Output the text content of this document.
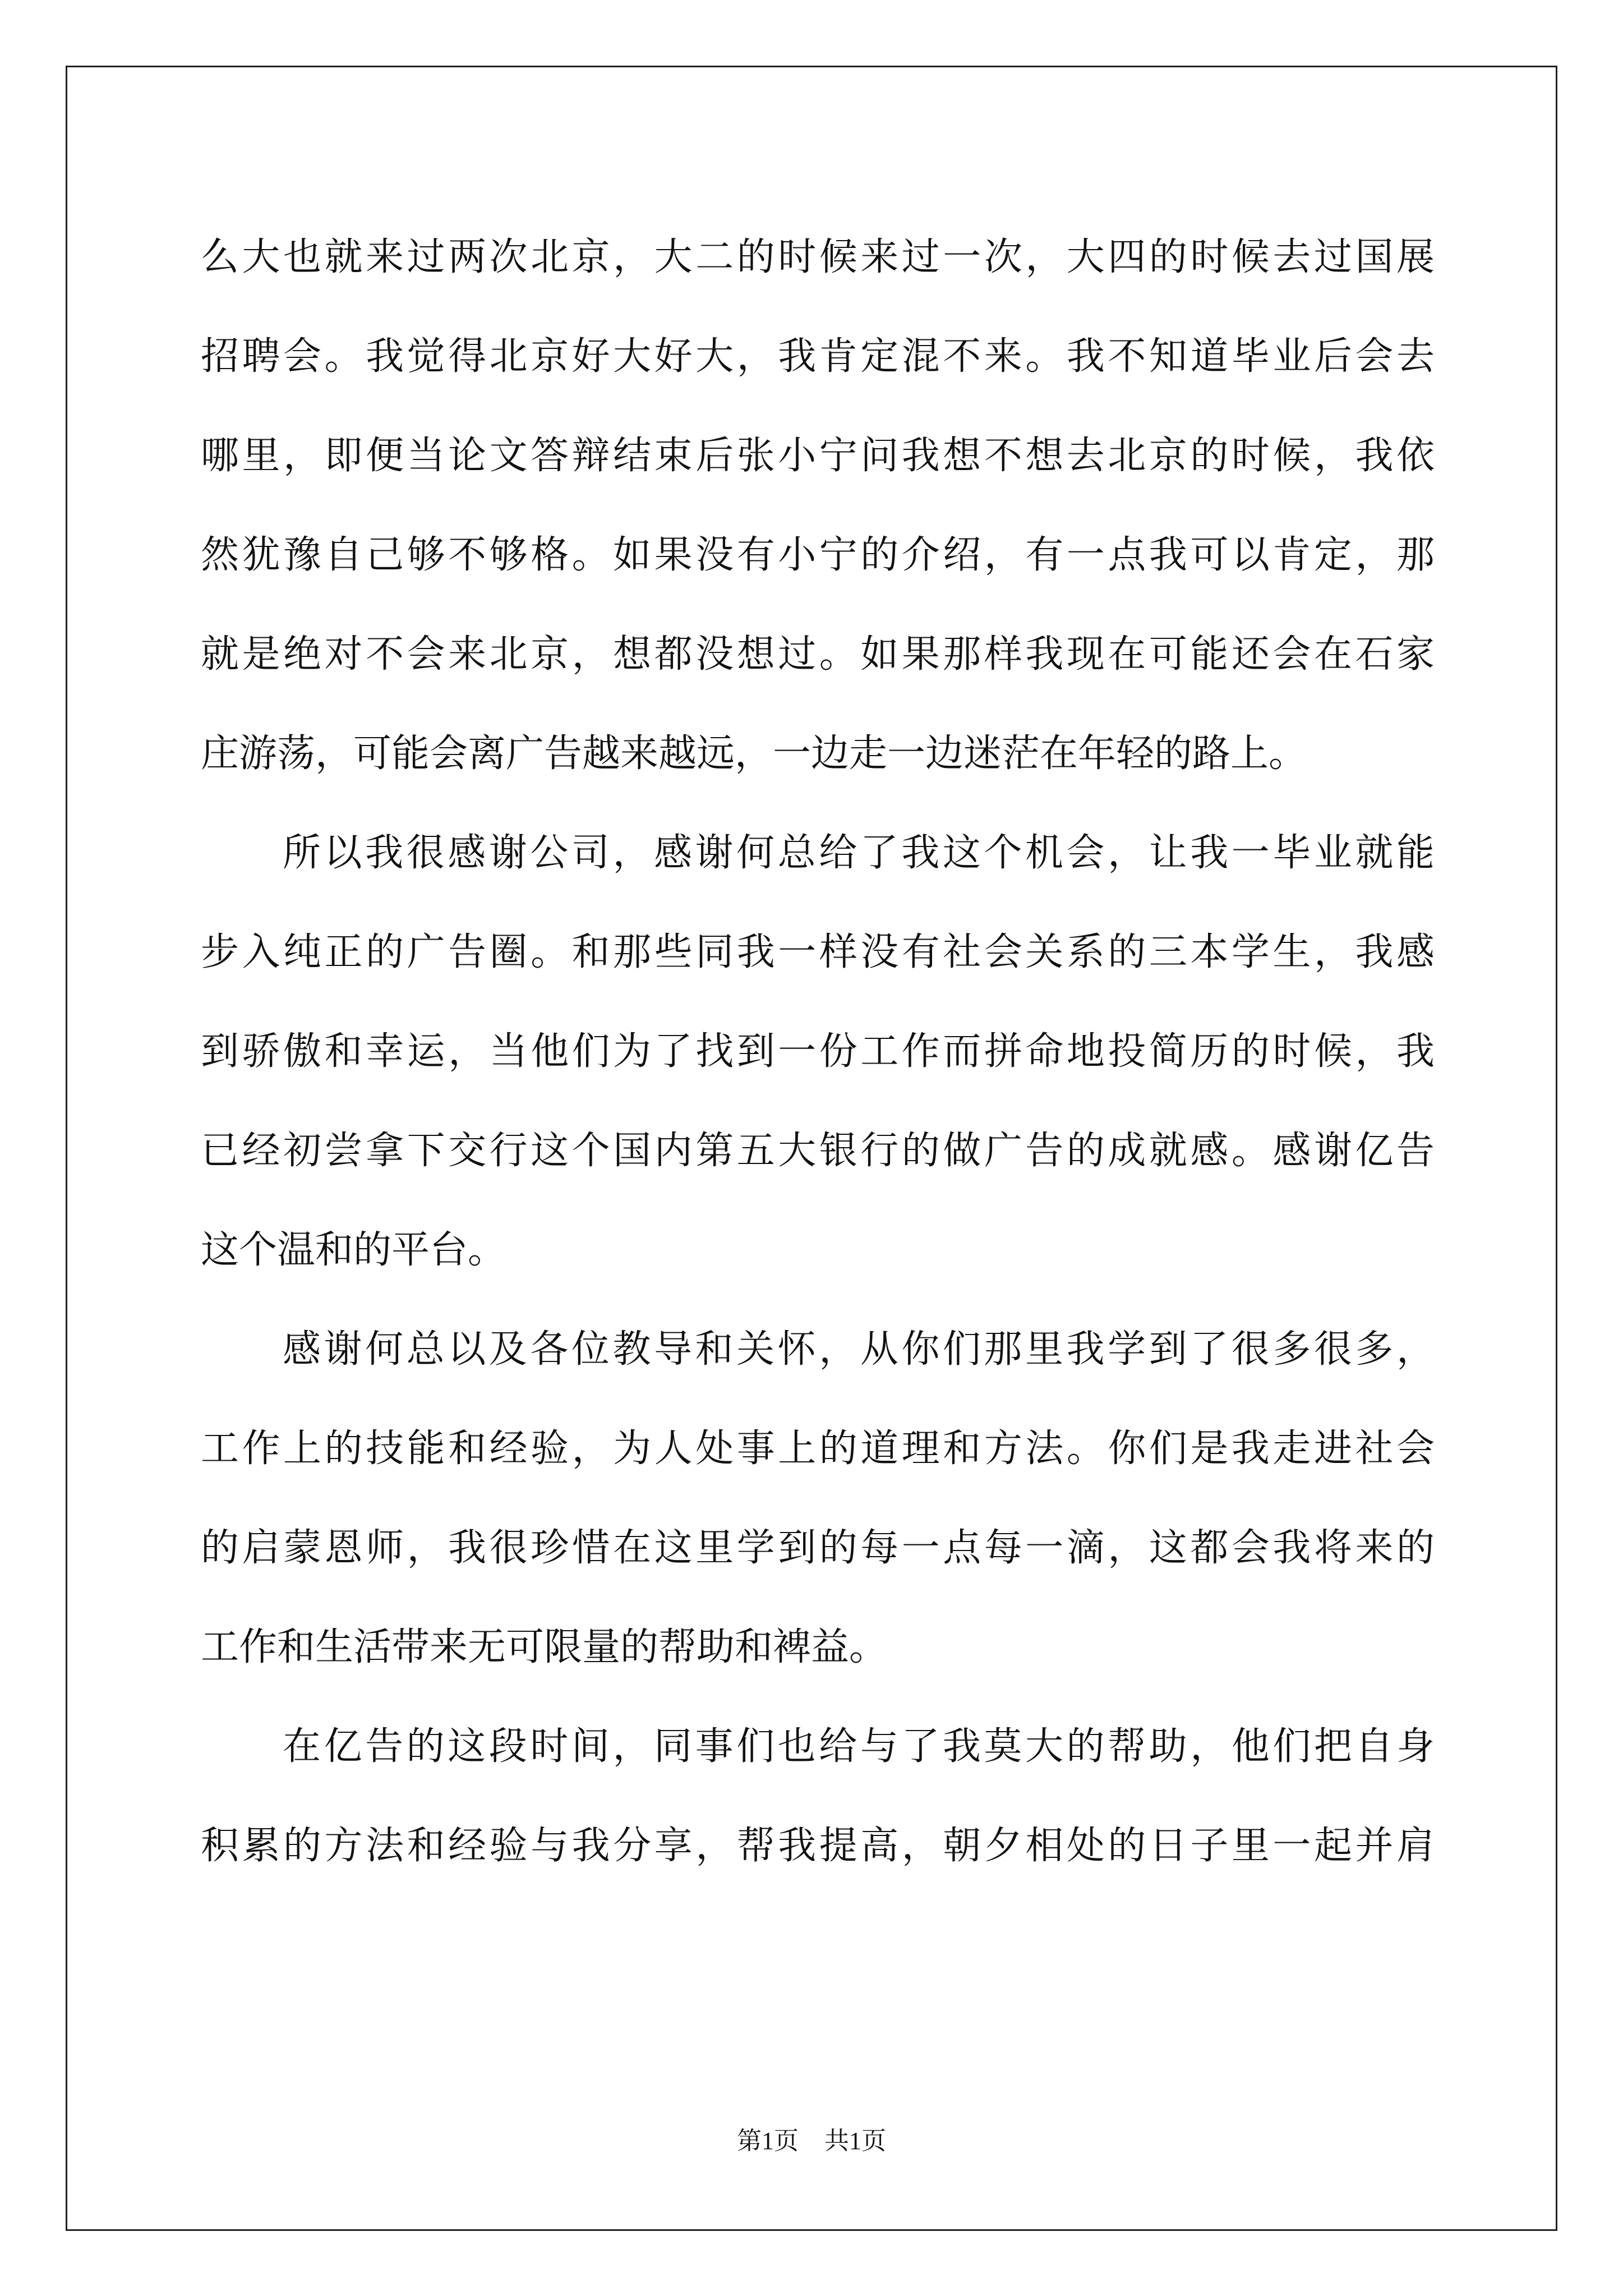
么大也就来过两次北京，大二的时候来过一次，大四的时候去过国展
招聘会。我觉得北京好大好大，我肯定混不来。我不知道毕业后会去
哪里，即便当论文答辩结束后张小宁问我想不想去北京的时候，我依
然犹豫自己够不够格。如果没有小宁的介绍，有一点我可以肯定，那
就是绝对不会来北京，想都没想过。如果那样我现在可能还会在石家
庄游荡，可能会离广告越来越远，一边走一边迷茫在年轻的路上。
所以我很感谢公司，感谢何总给了我这个机会，让我一毕业就能
步入纯正的广告圈。和那些同我一样没有社会关系的三本学生，我感
到骄傲和幸运，当他们为了找到一份工作而拼命地投简历的时候，我
已经初尝拿下交行这个国内第五大银行的做广告的成就感。感谢亿告
这个温和的平台。
感谢何总以及各位教导和关怀，从你们那里我学到了很多很多，
工作上的技能和经验，为人处事上的道理和方法。你们是我走进社会
的启蒙恩师，我很珍惜在这里学到的每一点每一滴，这都会我将来的
工作和生活带来无可限量的帮助和裨益。
在亿告的这段时间，同事们也给与了我莫大的帮助，他们把自身
积累的方法和经验与我分享，帮我提高，朝夕相处的日子里一起并肩
第1页 共1页
